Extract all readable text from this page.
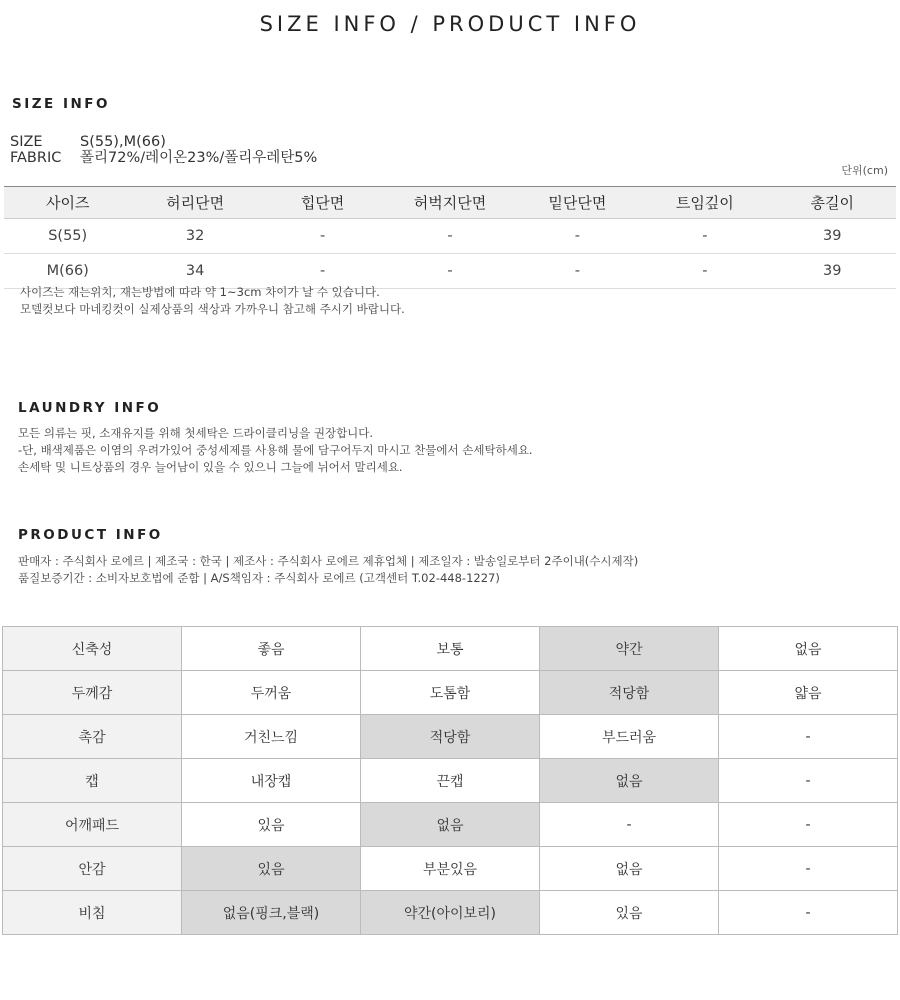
SIZE INFO / PRODUCT INFO
SIZE INFO
SIZE	S(55),M(66)
FABRIC 폴리72%/레이온23%/폴리우레탄5%
단위(cm)
사이즈	허리단면	힙단면	허벅지단면	밑단단면	트임깊이	총길이
S(55)	32	-	-	-	-	39
M(66)	34	-	-	-	-	39
사이즈는 재는위치, 재는방법에 따라 약 1~3cm 차이가 날 수 있습니다.
모델컷보다 마네킹컷이 실제상품의 색상과 가까우니 참고해 주시기 바랍니다.
LAUNDRY INFO
모든 의류는 핏, 소재유지를 위해 첫세탁은 드라이클리닝을 권장합니다.
-단, 배색제품은 이염의 우려가있어 중성세제를 사용해 물에 담구어두지 마시고 찬물에서 손세탁하세요.
손세탁 및 니트상품의 경우 늘어남이 있을 수 있으니 그늘에 뉘어서 말리세요.
PRODUCT INFO
판매자 : 주식회사 로에르 | 제조국 : 한국 | 제조사 : 주식회사 로에르 제휴업체 | 제조일자 : 발송일로부터 2주이내(수시제작)
품질보증기간 : 소비자보호법에 준함 | A/S책임자 : 주식회사 로에르 (고객센터 T.02-448-1227)
신축성	좋음	보통	약간	없음
두께감	두꺼움	도톰함	적당함	얇음
촉감	거친느낌	적당함	부드러움	-
캡	내장캡	끈캡	없음	-
어깨패드	있음	없음	-	-
안감	있음	부분있음	없음	-
비침	없음(핑크,블랙)	약간(아이보리)	있음	-
